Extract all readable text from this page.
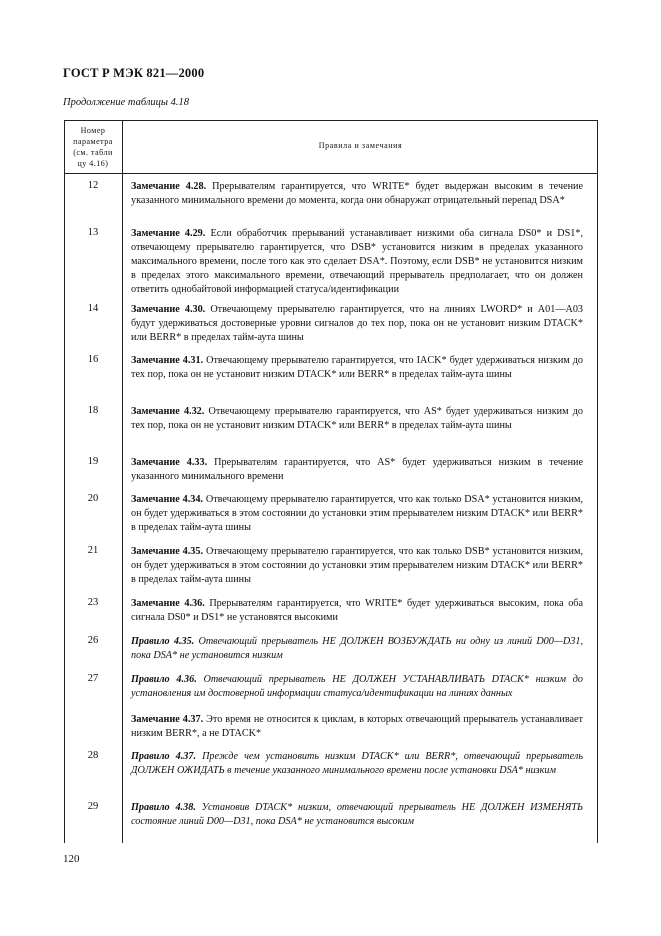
ГОСТ Р МЭК 821—2000
Продолжение таблицы 4.18
Номер
параметра
(см. табли
цу 4.16)
Правила и замечания
12	Замечание 4.28. Прерывателям гарантируется, что WRITE* будет выдержан высоким в течение указанного минимального времени до момента, когда они обнаружат отрицательный перепад DSA*
13	Замечание 4.29. Если обработчик прерываний устанавливает низкими оба сигнала DS0* и DS1*, отвечающему прерывателю гарантируется, что DSB* установится низким в пределах указанного максимального времени, после того как это сделает DSA*. Поэтому, если DSB* не установится низким в пределах этого максимального времени, отвечающий прерыватель предполагает, что он должен ответить однобайтовой информацией статуса/идентификации
14	Замечание 4.30. Отвечающему прерывателю гарантируется, что на линиях LWORD* и А01—А03 будут удерживаться достоверные уровни сигналов до тех пор, пока он не установит низким DTACK* или BERR* в пределах тайм-аута шины
16	Замечание 4.31. Отвечающему прерывателю гарантируется, что IACK* будет удерживаться низким до тех пор, пока он не установит низким DTACK* или BERR* в пределах тайм-аута шины
18	Замечание 4.32. Отвечающему прерывателю гарантируется, что AS* будет удерживаться низким до тех пор, пока он не установит низким DTACK* или BERR* в пределах тайм-аута шины
19	Замечание 4.33. Прерывателям гарантируется, что AS* будет удерживаться низким в течение указанного минимального времени
20	Замечание 4.34. Отвечающему прерывателю гарантируется, что как только DSA* установится низким, он будет удерживаться в этом состоянии до установки этим прерывателем низким DTACK* или BERR* в пределах тайм-аута шины
21	Замечание 4.35. Отвечающему прерывателю гарантируется, что как только DSB* установится низким, он будет удерживаться в этом состоянии до установки этим прерывателем низким DTACK* или BERR* в пределах тайм-аута шины
23	Замечание 4.36. Прерывателям гарантируется, что WRITE* будет удерживаться высоким, пока оба сигнала DS0* и DS1* не установятся высокими
26	Правило 4.35. Отвечающий прерыватель НЕ ДОЛЖЕН ВОЗБУЖДАТЬ ни одну из линий D00—D31, пока DSA* не установится низким
27	Правило 4.36. Отвечающий прерыватель НЕ ДОЛЖЕН УСТАНАВЛИВАТЬ DTACK* низким до установления им достоверной информации статуса/идентификации на линиях данных
Замечание 4.37. Это время не относится к циклам, в которых отвечающий прерыватель устанавливает низким BERR*, а не DTACK*
28	Правило 4.37. Прежде чем установить низким DTACK* или BERR*, отвечающий прерыватель ДОЛЖЕН ОЖИДАТЬ в течение указанного минимального времени после установки DSA* низким
29	Правило 4.38. Установив DTACK* низким, отвечающий прерыватель НЕ ДОЛЖЕН ИЗМЕНЯТЬ состояние линий D00—D31, пока DSA* не установится высоким
120
